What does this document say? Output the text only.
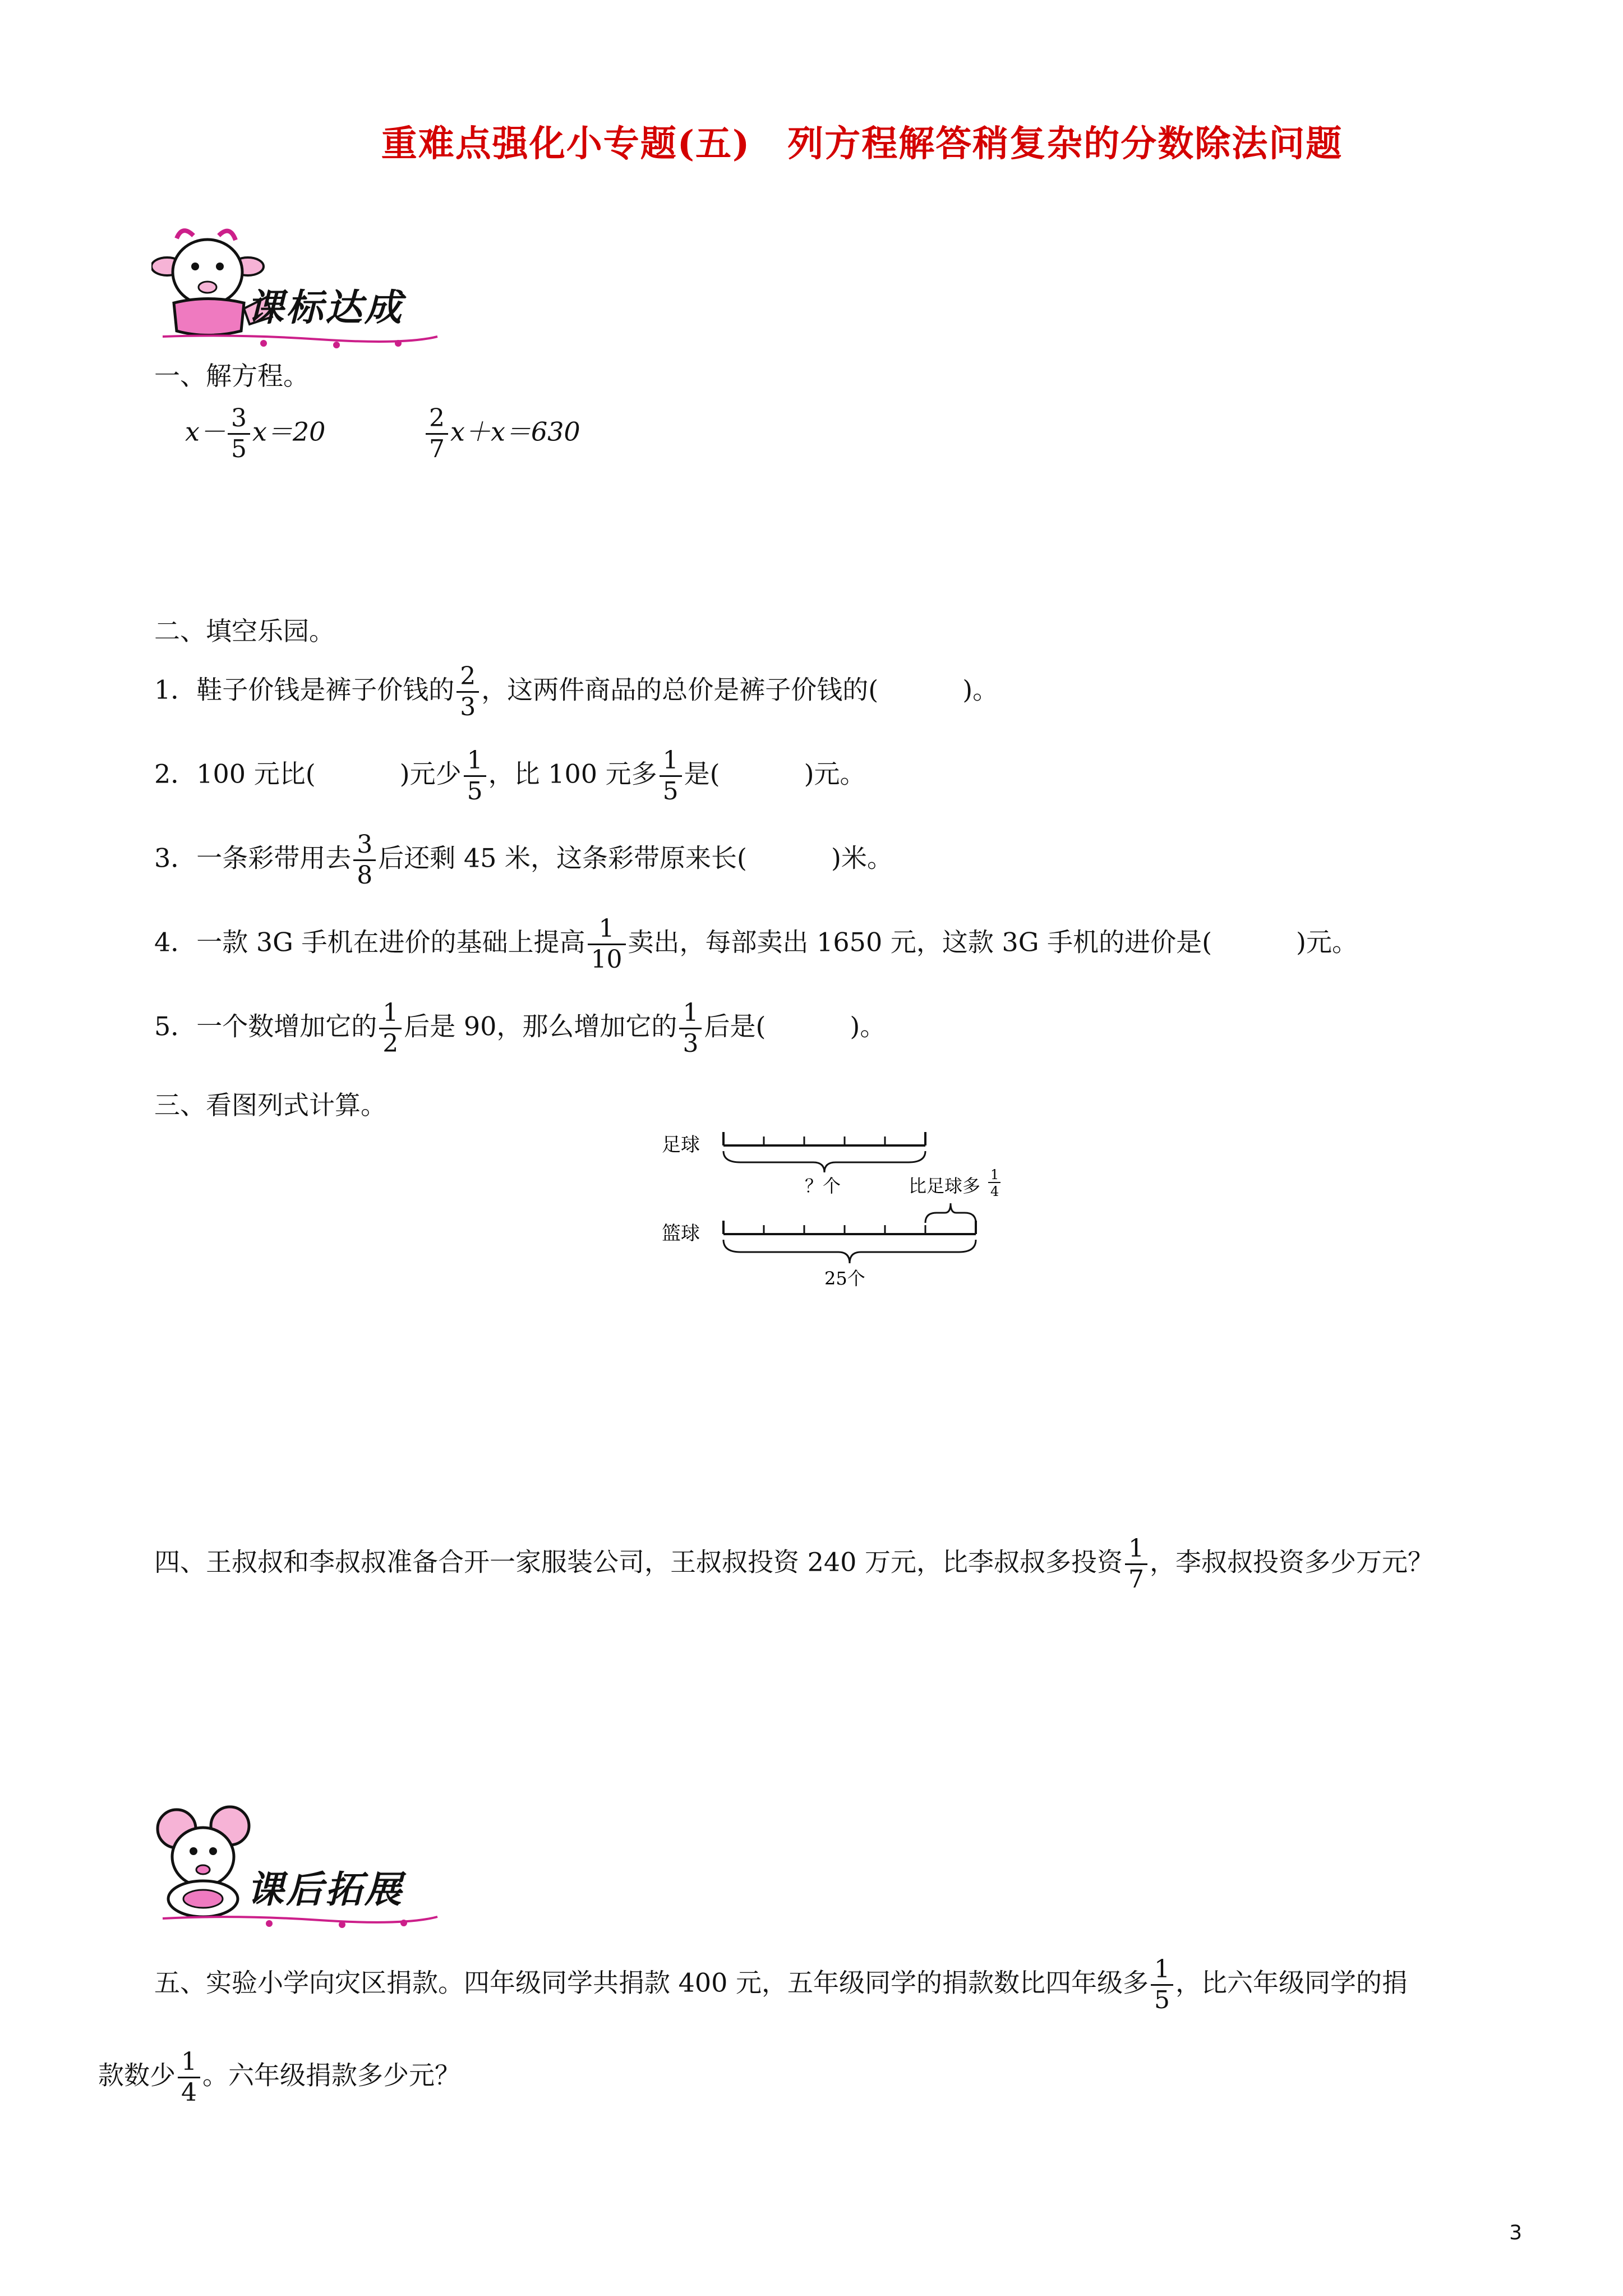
重难点强化小专题(五)　列方程解答稍复杂的分数除法问题
课标达成
一、解方程。
$x- \frac{3}{5} x=20$	$\frac{2}{7} x+x=630$
二、填空乐园。
1．鞋子价钱是裤子价钱的 $\frac{2}{3}$ ，这两件商品的总价是裤子价钱的(	)。
2．100 元比(	)元少 $\frac{1}{5}$ ，比 100 元多 $\frac{1}{5}$ 是(	)元。
3．一条彩带用去 $\frac{3}{8}$ 后还剩 45 米，这条彩带原来长(	)米。
4．一款 3G 手机在进价的基础上提高 $\frac{1}{10}$ 卖出，每部卖出 1650 元，这款 3G 手机的进价是(	)元。
5．一个数增加它的 $\frac{1}{2}$ 后是 90，那么增加它的 $\frac{1}{3}$ 后是(	)。
三、看图列式计算。
足球
？个	比足球多
1
4
篮球
25个
四、王叔叔和李叔叔准备合开一家服装公司，王叔叔投资 240 万元，比李叔叔多投资 $\frac{1}{7}$ ，李叔叔投资多少万元？
课后拓展
五、实验小学向灾区捐款。四年级同学共捐款 400 元，五年级同学的捐款数比四年级多 $\frac{1}{5}$ ，比六年级同学的捐
款数少 $\frac{1}{4}$ 。六年级捐款多少元？
3
